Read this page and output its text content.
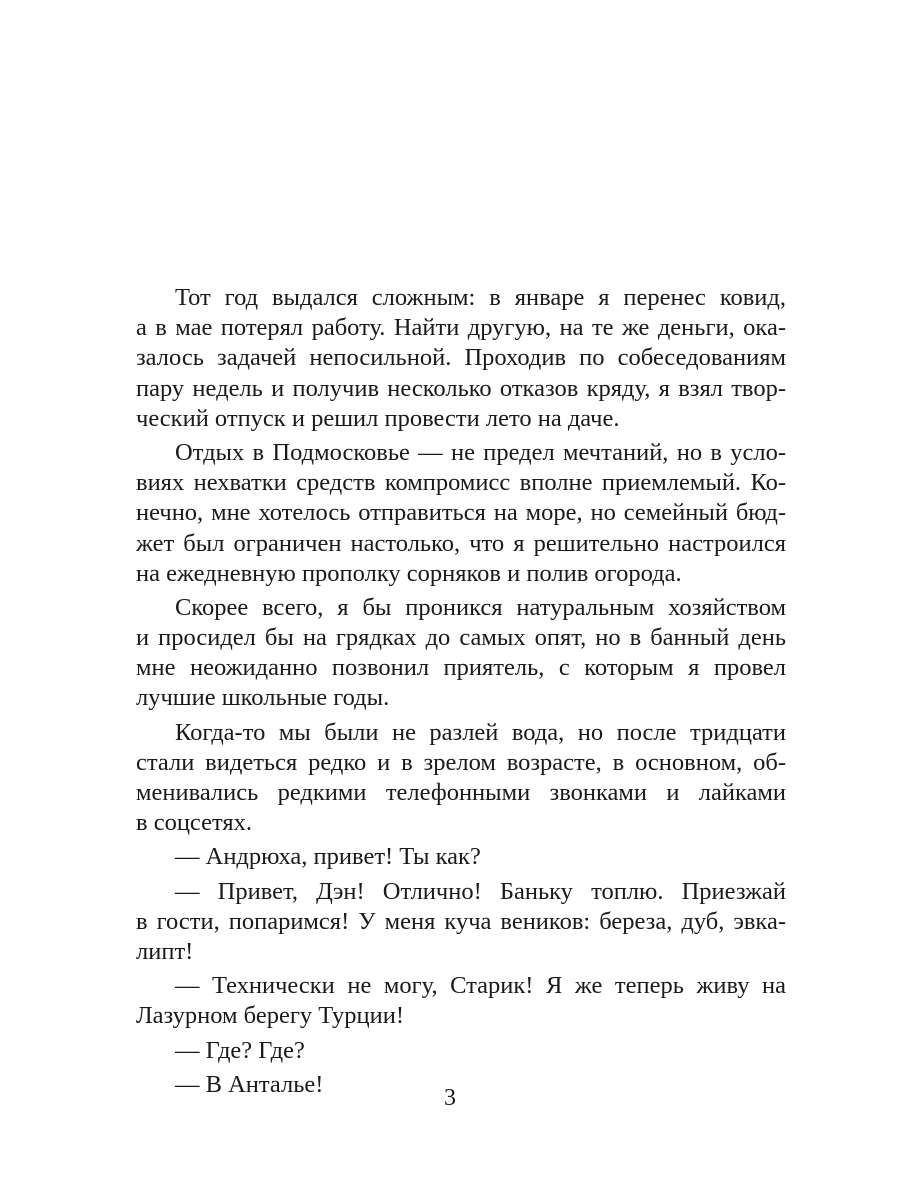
Тот год выдался сложным: в январе я перенес ковид,
а в мае потерял работу. Найти другую, на те же деньги, ока-
залось задачей непосильной. Проходив по собеседованиям
пару недель и получив несколько отказов кряду, я взял твор-
ческий отпуск и решил провести лето на даче.
Отдых в Подмосковье — не предел мечтаний, но в усло-
виях нехватки средств компромисс вполне приемлемый. Ко-
нечно, мне хотелось отправиться на море, но семейный бюд-
жет был ограничен настолько, что я решительно настроился
на ежедневную прополку сорняков и полив огорода.
Скорее всего, я бы проникся натуральным хозяйством
и просидел бы на грядках до самых опят, но в банный день
мне неожиданно позвонил приятель, с которым я провел
лучшие школьные годы.
Когда-то мы были не разлей вода, но после тридцати
стали видеться редко и в зрелом возрасте, в основном, об-
менивались редкими телефонными звонками и лайками
в соцсетях.
— Андрюха, привет! Ты как?
— Привет, Дэн! Отлично! Баньку топлю. Приезжай
в гости, попаримся! У меня куча веников: береза, дуб, эвка-
липт!
— Технически не могу, Старик! Я же теперь живу на
Лазурном берегу Турции!
— Где? Где?
— В Анталье!
3
